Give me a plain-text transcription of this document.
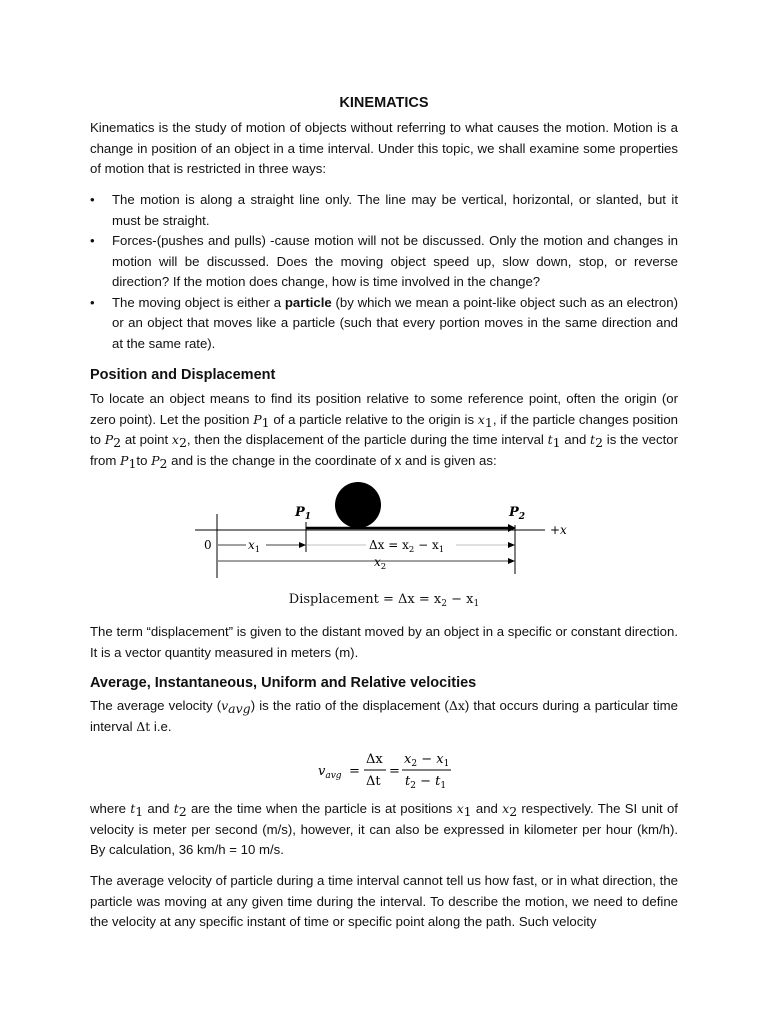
KINEMATICS

Kinematics is the study of motion of objects without referring to what causes the motion. Motion is a change in position of an object in a time interval. Under this topic, we shall examine some properties of motion that is restricted in three ways:

• The motion is along a straight line only. The line may be vertical, horizontal, or slanted, but it must be straight.
• Forces-(pushes and pulls) -cause motion will not be discussed. Only the motion and changes in motion will be discussed. Does the moving object speed up, slow down, stop, or reverse direction? If the motion does change, how is time involved in the change?
• The moving object is either a particle (by which we mean a point-like object such as an electron) or an object that moves like a particle (such that every portion moves in the same direction and at the same rate).
Position and Displacement

To locate an object means to find its position relative to some reference point, often the origin (or zero point). Let the position $P_1$ of a particle relative to the origin is $x_1$, if the particle changes position to $P_2$ at point $x_2$, then the displacement of the particle during the time interval $t_1$ and $t_2$ is the vector from $P_1to$ $P_2$ and is the change in the coordinate of x and is given as:

$P_1$	$P_2$
+x
0	$x_1$	$\Delta x = x_2 - x_1$
$x_2$
Displacement = $\Delta x = x_2 - x_1$

The term “displacement” is given to the distant moved by an object in a specific or constant direction. It is a vector quantity measured in meters (m).

Average, Instantaneous, Uniform and Relative velocities

The average velocity $(v_{avg})$ is the ratio of the displacement (Δx) that occurs during a particular time interval Δt i.e.

$v_{avg}$ =
Δx
Δt
=
$x_2 - x_1$
$t_2 - t_1$

where $t_1$ and $t_2$ are the time when the particle is at positions $x_1$ and $x_2$ respectively. The SI unit of velocity is meter per second (m/s), however, it can also be expressed in kilometer per hour (km/h). By calculation, 36 km/h = 10 m/s.

The average velocity of particle during a time interval cannot tell us how fast, or in what direction, the particle was moving at any given time during the interval. To describe the motion, we need to define the velocity at any specific instant of time or specific point along the path. Such velocity
